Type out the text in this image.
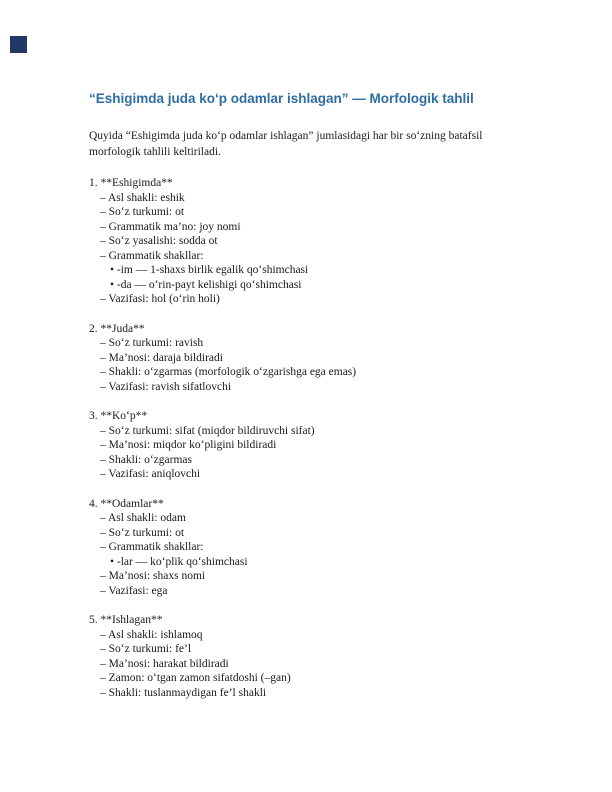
“Eshigimda juda ko‘p odamlar ishlagan” — Morfologik tahlil

Quyida “Eshigimda juda ko‘p odamlar ishlagan” jumlasidagi har bir so‘zning batafsil morfologik tahlili keltiriladi.

1. **Eshigimda**

– Asl shakli: eshik

– So‘z turkumi: ot

– Grammatik ma’no: joy nomi

– So‘z yasalishi: sodda ot

– Grammatik shakllar:

• -im — 1-shaxs birlik egalik qo‘shimchasi

• -da — o‘rin-payt kelishigi qo‘shimchasi

– Vazifasi: hol (o‘rin holi)

2. **Juda**

– So‘z turkumi: ravish

– Ma’nosi: daraja bildiradi

– Shakli: o‘zgarmas (morfologik o‘zgarishga ega emas)

– Vazifasi: ravish sifatlovchi

3. **Ko‘p**

– So‘z turkumi: sifat (miqdor bildiruvchi sifat)

– Ma’nosi: miqdor ko‘pligini bildiradi

– Shakli: o‘zgarmas

– Vazifasi: aniqlovchi

4. **Odamlar**

– Asl shakli: odam

– So‘z turkumi: ot

– Grammatik shakllar:

• -lar — ko‘plik qo‘shimchasi

– Ma’nosi: shaxs nomi

– Vazifasi: ega

5. **Ishlagan**

– Asl shakli: ishlamoq

– So‘z turkumi: fe’l

– Ma’nosi: harakat bildiradi

– Zamon: o‘tgan zamon sifatdoshi (–gan)

– Shakli: tuslanmaydigan fe’l shakli
